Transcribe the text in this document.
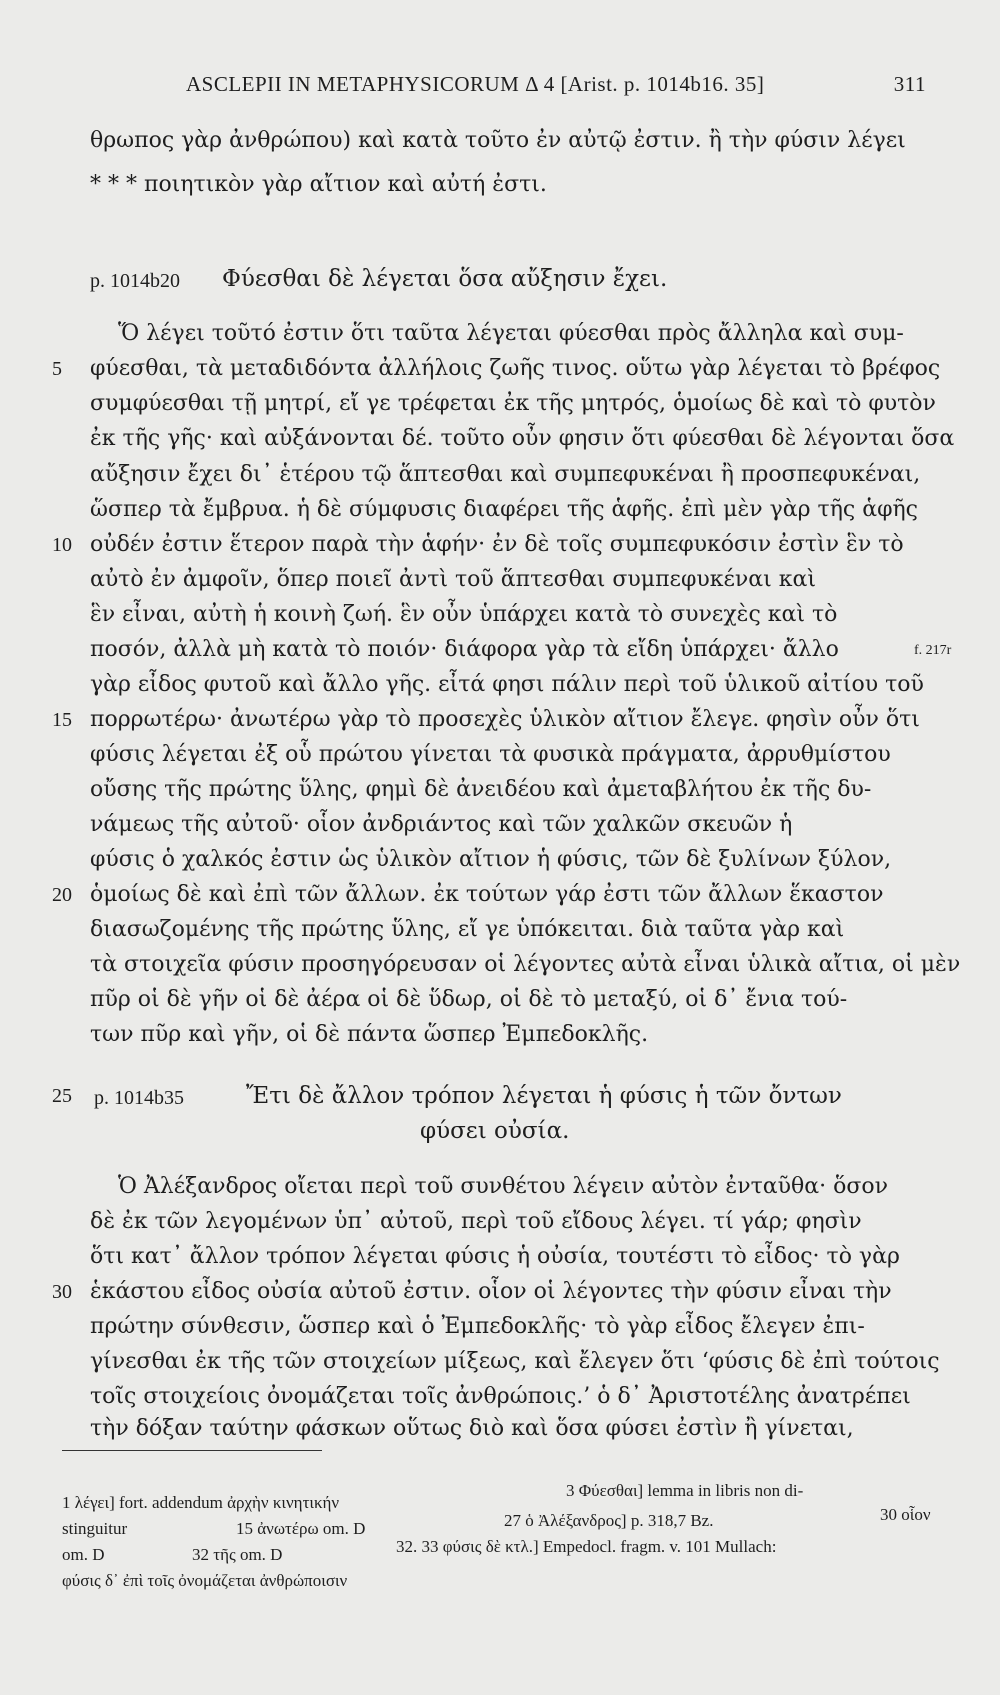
ASCLEPII IN METAPHYSICORUM Δ 4 [Arist. p. 1014b16. 35]	311
θρωπος γὰρ ἀνθρώπου) καὶ κατὰ τοῦτο ἐν αὐτῷ ἐστιν. ἢ τὴν φύσιν λέγει
* * * ποιητικὸν γὰρ αἴτιον καὶ αὐτή ἐστι.
p. 1014b20 Φύεσθαι δὲ λέγεται ὅσα αὔξησιν ἔχει.
Ὅ λέγει τοῦτό ἐστιν ὅτι ταῦτα λέγεται φύεσθαι πρὸς ἄλληλα καὶ συμ-
φύεσθαι, τὰ μεταδιδόντα ἀλλήλοις ζωῆς τινος. οὕτω γὰρ λέγεται τὸ βρέφος
συμφύεσθαι τῇ μητρί, εἴ γε τρέφεται ἐκ τῆς μητρός, ὁμοίως δὲ καὶ τὸ φυτὸν
ἐκ τῆς γῆς· καὶ αὐξάνονται δέ. τοῦτο οὖν φησιν ὅτι φύεσθαι δὲ λέγονται ὅσα
αὔξησιν ἔχει δι᾽ ἑτέρου τῷ ἅπτεσθαι καὶ συμπεφυκέναι ἢ προσπεφυκέναι,
ὥσπερ τὰ ἔμβρυα. ἡ δὲ σύμφυσις διαφέρει τῆς ἁφῆς. ἐπὶ μὲν γὰρ τῆς ἁφῆς
οὐδέν ἐστιν ἕτερον παρὰ τὴν ἁφήν· ἐν δὲ τοῖς συμπεφυκόσιν ἐστὶν ἓν τὸ
αὐτὸ ἐν ἀμφοῖν, ὅπερ ποιεῖ ἀντὶ τοῦ ἅπτεσθαι συμπεφυκέναι καὶ
ἓν εἶναι, αὐτὴ ἡ κοινὴ ζωή. ἓν οὖν ὑπάρχει κατὰ τὸ συνεχὲς καὶ τὸ
ποσόν, ἀλλὰ μὴ κατὰ τὸ ποιόν· διάφορα γὰρ τὰ εἴδη ὑπάρχει· ἄλλο	f. 217r
γὰρ εἶδος φυτοῦ καὶ ἄλλο γῆς. εἶτά φησι πάλιν περὶ τοῦ ὑλικοῦ αἰτίου τοῦ
πορρωτέρω· ἀνωτέρω γὰρ τὸ προσεχὲς ὑλικὸν αἴτιον ἔλεγε. φησὶν οὖν ὅτι
φύσις λέγεται ἐξ οὗ πρώτου γίνεται τὰ φυσικὰ πράγματα, ἀρρυθμίστου
οὔσης τῆς πρώτης ὕλης, φημὶ δὲ ἀνειδέου καὶ ἀμεταβλήτου ἐκ τῆς δυ-
νάμεως τῆς αὐτοῦ· οἷον ἀνδριάντος καὶ τῶν χαλκῶν σκευῶν ἡ
φύσις ὁ χαλκός ἐστιν ὡς ὑλικὸν αἴτιον ἡ φύσις, τῶν δὲ ξυλίνων ξύλον,
ὁμοίως δὲ καὶ ἐπὶ τῶν ἄλλων. ἐκ τούτων γάρ ἐστι τῶν ἄλλων ἕκαστον
διασωζομένης τῆς πρώτης ὕλης, εἴ γε ὑπόκειται. διὰ ταῦτα γὰρ καὶ
τὰ στοιχεῖα φύσιν προσηγόρευσαν οἱ λέγοντες αὐτὰ εἶναι ὑλικὰ αἴτια, οἱ μὲν
πῦρ οἱ δὲ γῆν οἱ δὲ ἀέρα οἱ δὲ ὕδωρ, οἱ δὲ τὸ μεταξύ, οἱ δ᾽ ἔνια τού-
των πῦρ καὶ γῆν, οἱ δὲ πάντα ὥσπερ Ἐμπεδοκλῆς.
p. 1014b35	Ἔτι δὲ ἄλλον τρόπον λέγεται ἡ φύσις ἡ τῶν ὄντων
φύσει οὐσία.
Ὁ Ἀλέξανδρος οἴεται περὶ τοῦ συνθέτου λέγειν αὐτὸν ἐνταῦθα· ὅσον
δὲ ἐκ τῶν λεγομένων ὑπ᾽ αὐτοῦ, περὶ τοῦ εἴδους λέγει. τί γάρ; φησὶν
ὅτι κατ᾽ ἄλλον τρόπον λέγεται φύσις ἡ οὐσία, τουτέστι τὸ εἶδος· τὸ γὰρ
ἑκάστου εἶδος οὐσία αὐτοῦ ἐστιν. οἷον οἱ λέγοντες τὴν φύσιν εἶναι τὴν
πρώτην σύνθεσιν, ὥσπερ καὶ ὁ Ἐμπεδοκλῆς· τὸ γὰρ εἶδος ἔλεγεν ἐπι-
γίνεσθαι ἐκ τῆς τῶν στοιχείων μίξεως, καὶ ἔλεγεν ὅτι ‘φύσις δὲ ἐπὶ τούτοις
τοῖς στοιχείοις ὀνομάζεται τοῖς ἀνθρώποις.’ ὁ δ᾽ Ἀριστοτέλης ἀνατρέπει
τὴν δόξαν ταύτην φάσκων οὕτως διὸ καὶ ὅσα φύσει ἐστὶν ἢ γίνεται,
5
10
15
20
25
30
1 λέγει] fort. addendum ἀρχὴν κινητικήν
3 Φύεσθαι] lemma in libris non di-
stinguitur	15 ἀνωτέρω om. D	27 ὁ Ἀλέξανδρος] p. 318,7 Bz.	30 οἷον
om. D	32 τῆς om. D	32. 33 φύσις δὲ κτλ.] Empedocl. fragm. v. 101 Mullach:
φύσις δ᾽ ἐπὶ τοῖς ὀνομάζεται ἀνθρώποισιν
